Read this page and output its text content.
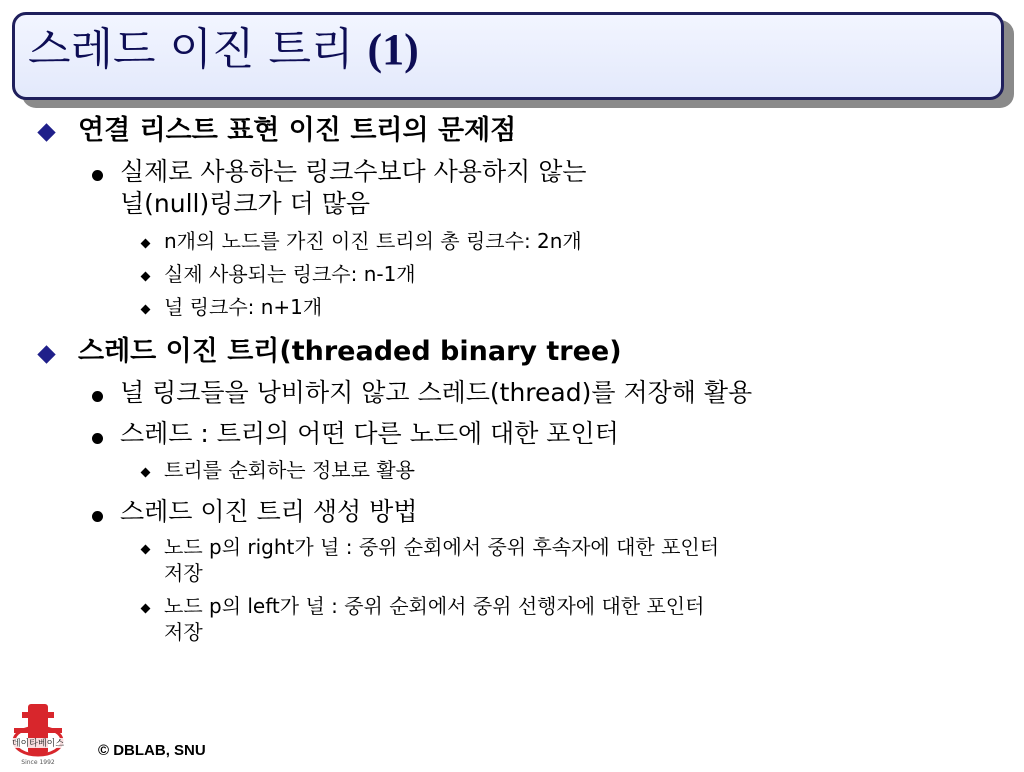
스레드 이진 트리 (1)
연결 리스트 표현 이진 트리의 문제점
실제로 사용하는 링크수보다 사용하지 않는
널(null)링크가 더 많음
n개의 노드를 가진 이진 트리의 총 링크수: 2n개
실제 사용되는 링크수: n-1개
널 링크수: n+1개
스레드 이진 트리(threaded binary tree)
널 링크들을 낭비하지 않고 스레드(thread)를 저장해 활용
스레드 : 트리의 어떤 다른 노드에 대한 포인터
트리를 순회하는 정보로 활용
스레드 이진 트리 생성 방법
노드 p의 right가 널 : 중위 순회에서 중위 후속자에 대한 포인터
저장
노드 p의 left가 널 : 중위 순회에서 중위 선행자에 대한 포인터
저장
데이타베이스
Since 1992
© DBLAB, SNU
